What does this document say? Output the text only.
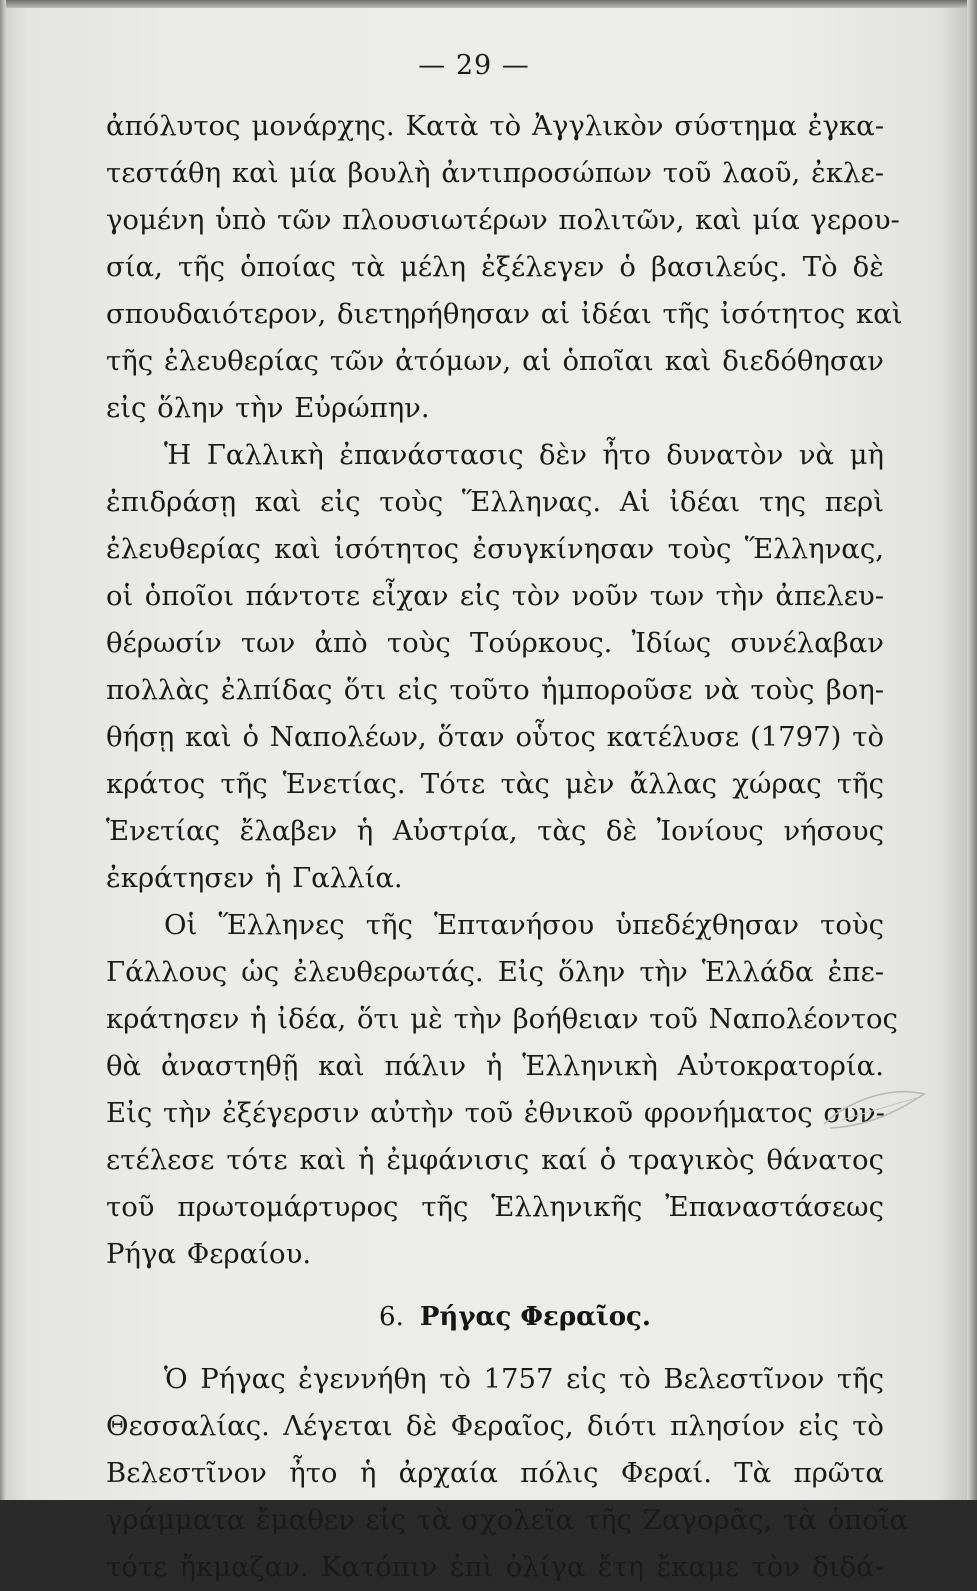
— 29 —
ἀπόλυτος μονάρχης. Κατὰ τὸ Ἀγγλικὸν σύστημα ἐγκα-
τεστάθη καὶ μία βουλὴ ἀντιπροσώπων τοῦ λαοῦ, ἐκλε-
γομένη ὑπὸ τῶν πλουσιωτέρων πολιτῶν, καὶ μία γερου-
σία, τῆς ὁποίας τὰ μέλη ἐξέλεγεν ὁ βασιλεύς. Τὸ δὲ
σπουδαιότερον, διετηρήθησαν αἱ ἰδέαι τῆς ἰσότητος καὶ
τῆς ἐλευθερίας τῶν ἀτόμων, αἱ ὁποῖαι καὶ διεδόθησαν
εἰς ὅλην τὴν Εὐρώπην.
Ἡ Γαλλικὴ ἐπανάστασις δὲν ἦτο δυνατὸν νὰ μὴ
ἐπιδράσῃ καὶ εἰς τοὺς Ἕλληνας. Αἱ ἰδέαι της περὶ
ἐλευθερίας καὶ ἰσότητος ἐσυγκίνησαν τοὺς Ἕλληνας,
οἱ ὁποῖοι πάντοτε εἶχαν εἰς τὸν νοῦν των τὴν ἀπελευ-
θέρωσίν των ἀπὸ τοὺς Τούρκους. Ἰδίως συνέλαβαν
πολλὰς ἐλπίδας ὅτι εἰς τοῦτο ἠμποροῦσε νὰ τοὺς βοη-
θήσῃ καὶ ὁ Ναπολέων, ὅταν οὗτος κατέλυσε (1797) τὸ
κράτος τῆς Ἑνετίας. Τότε τὰς μὲν ἄλλας χώρας τῆς
Ἑνετίας ἔλαβεν ἡ Αὐστρία, τὰς δὲ Ἰονίους νήσους
ἐκράτησεν ἡ Γαλλία.
Οἱ Ἕλληνες τῆς Ἑπτανήσου ὑπεδέχθησαν τοὺς
Γάλλους ὡς ἐλευθερωτάς. Εἰς ὅλην τὴν Ἑλλάδα ἐπε-
κράτησεν ἡ ἰδέα, ὅτι μὲ τὴν βοήθειαν τοῦ Ναπολέοντος
θὰ ἀναστηθῇ καὶ πάλιν ἡ Ἑλληνικὴ Αὐτοκρατορία.
Εἰς τὴν ἐξέγερσιν αὐτὴν τοῦ ἐθνικοῦ φρονήματος συν-
ετέλεσε τότε καὶ ἡ ἐμφάνισις καί ὁ τραγικὸς θάνατος
τοῦ πρωτομάρτυρος τῆς Ἑλληνικῆς Ἐπαναστάσεως
Ρήγα Φεραίου.
6. Ρήγας Φεραῖος.
Ὁ Ρήγας ἐγεννήθη τὸ 1757 εἰς τὸ Βελεστῖνον τῆς
Θεσσαλίας. Λέγεται δὲ Φεραῖος, διότι πλησίον εἰς τὸ
Βελεστῖνον ἦτο ἡ ἀρχαία πόλις Φεραί. Τὰ πρῶτα
γράμματα ἔμαθεν εἰς τὰ σχολεῖα τῆς Ζαγορᾶς, τὰ ὁποῖα
τότε ἤκμαζαν. Κατόπιν ἐπὶ ὀλίγα ἔτη ἔκαμε τὸν διδά-
